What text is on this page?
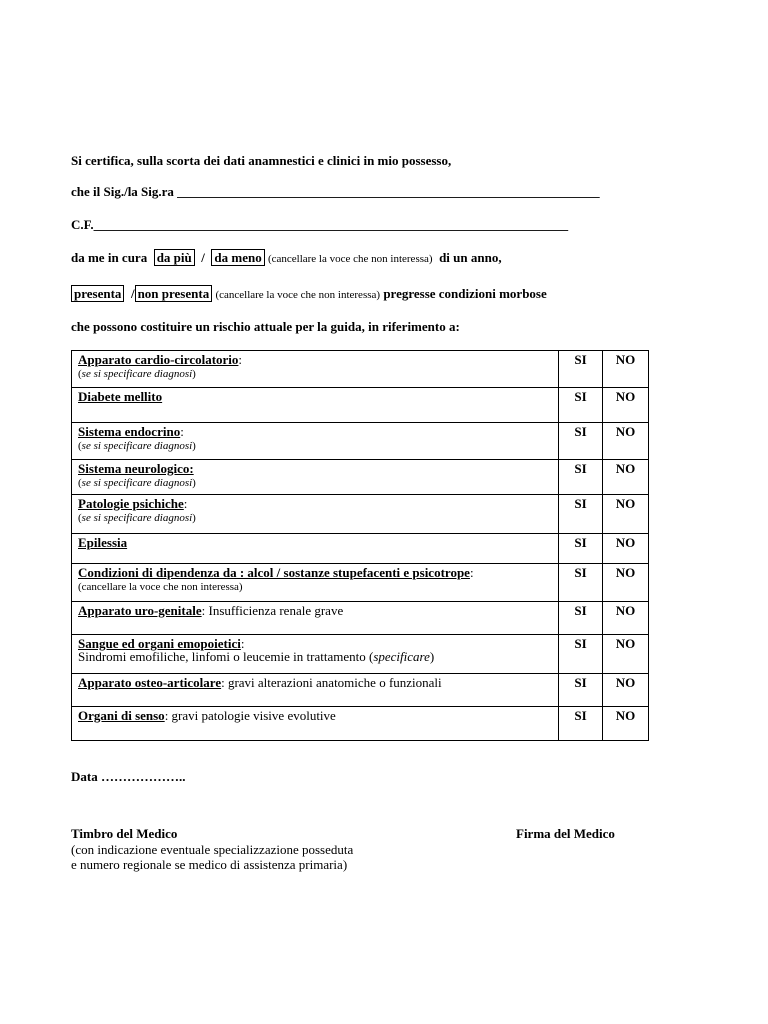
Si certifica, sulla scorta dei dati anamnestici e clinici in mio possesso,
che il Sig./la Sig.ra _________________________________________________________________
C.F._________________________________________________________________________
da me in cura da più / da meno (cancellare la voce che non interessa) di un anno,
presenta / non presenta (cancellare la voce che non interessa) pregresse condizioni morbose
che possono costituire un rischio attuale per la guida, in riferimento a:
Apparato cardio-circolatorio:
(se si specificare diagnosi)	SI	NO
Diabete mellito	SI	NO
Sistema endocrino:
(se si specificare diagnosi)	SI	NO
Sistema neurologico:
(se si specificare diagnosi)	SI	NO
Patologie psichiche:
(se si specificare diagnosi)	SI	NO
Epilessia	SI	NO
Condizioni di dipendenza da : alcol / sostanze stupefacenti e psicotrope:
(cancellare la voce che non interessa)	SI	NO
Apparato uro-genitale: Insufficienza renale grave	SI	NO
Sangue ed organi emopoietici:
Sindromi emofiliche, linfomi o leucemie in trattamento (specificare)	SI	NO
Apparato osteo-articolare: gravi alterazioni anatomiche o funzionali	SI	NO
Organi di senso: gravi patologie visive evolutive	SI	NO
Data ………………..
Timbro del Medico
(con indicazione eventuale specializzazione posseduta
e numero regionale se medico di assistenza primaria)
Firma del Medico
